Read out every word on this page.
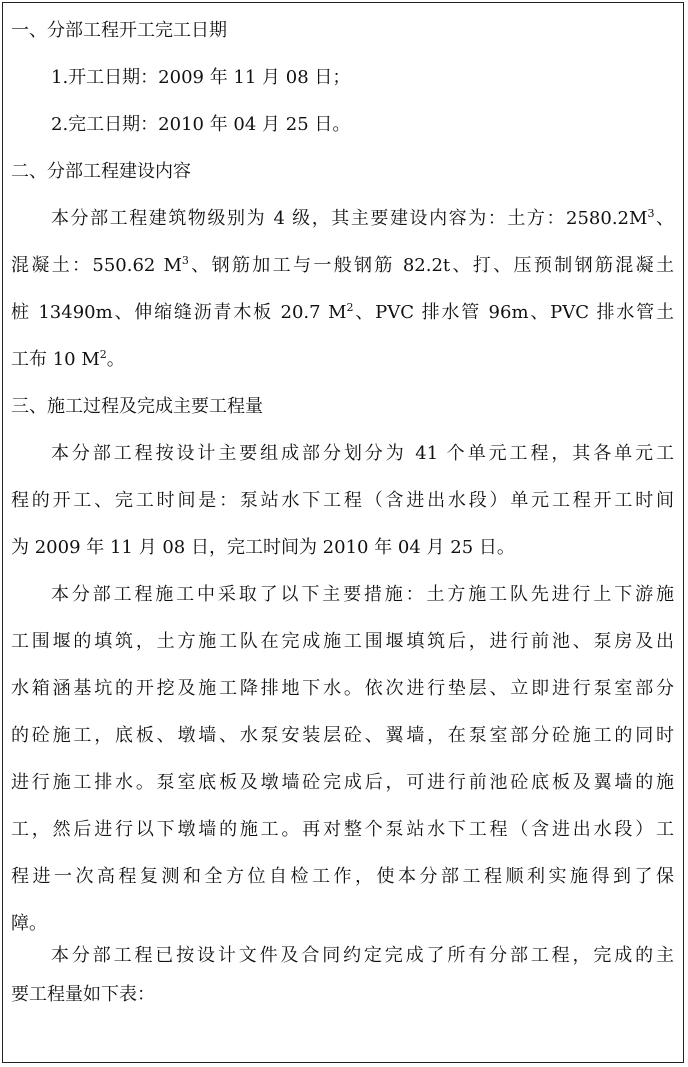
一、分部工程开工完工日期
1.开工日期：2009 年 11 月 08 日；
2.完工日期：2010 年 04 月 25 日。
二、分部工程建设内容
本分部工程建筑物级别为 4 级，其主要建设内容为：土方：$2580.2M^3$、
混凝土：550.62 $M^3$、钢筋加工与一般钢筋 82.2t、打、压预制钢筋混凝土
桩 13490m、伸缩缝沥青木板 20.7 $M^2$、PVC 排水管 96m、PVC 排水管土
工布 10 $M^2$。
三、施工过程及完成主要工程量
本分部工程按设计主要组成部分划分为 41 个单元工程，其各单元工
程的开工、完工时间是：泵站水下工程（含进出水段）单元工程开工时间
为 2009 年 11 月 08 日，完工时间为 2010 年 04 月 25 日。
本分部工程施工中采取了以下主要措施：土方施工队先进行上下游施
工围堰的填筑，土方施工队在完成施工围堰填筑后，进行前池、泵房及出
水箱涵基坑的开挖及施工降排地下水。依次进行垫层、立即进行泵室部分
的砼施工，底板、墩墙、水泵安装层砼、翼墙，在泵室部分砼施工的同时
进行施工排水。泵室底板及墩墙砼完成后，可进行前池砼底板及翼墙的施
工，然后进行以下墩墙的施工。再对整个泵站水下工程（含进出水段）工
程进一次高程复测和全方位自检工作，使本分部工程顺利实施得到了保
障。
本分部工程已按设计文件及合同约定完成了所有分部工程，完成的主
要工程量如下表：
